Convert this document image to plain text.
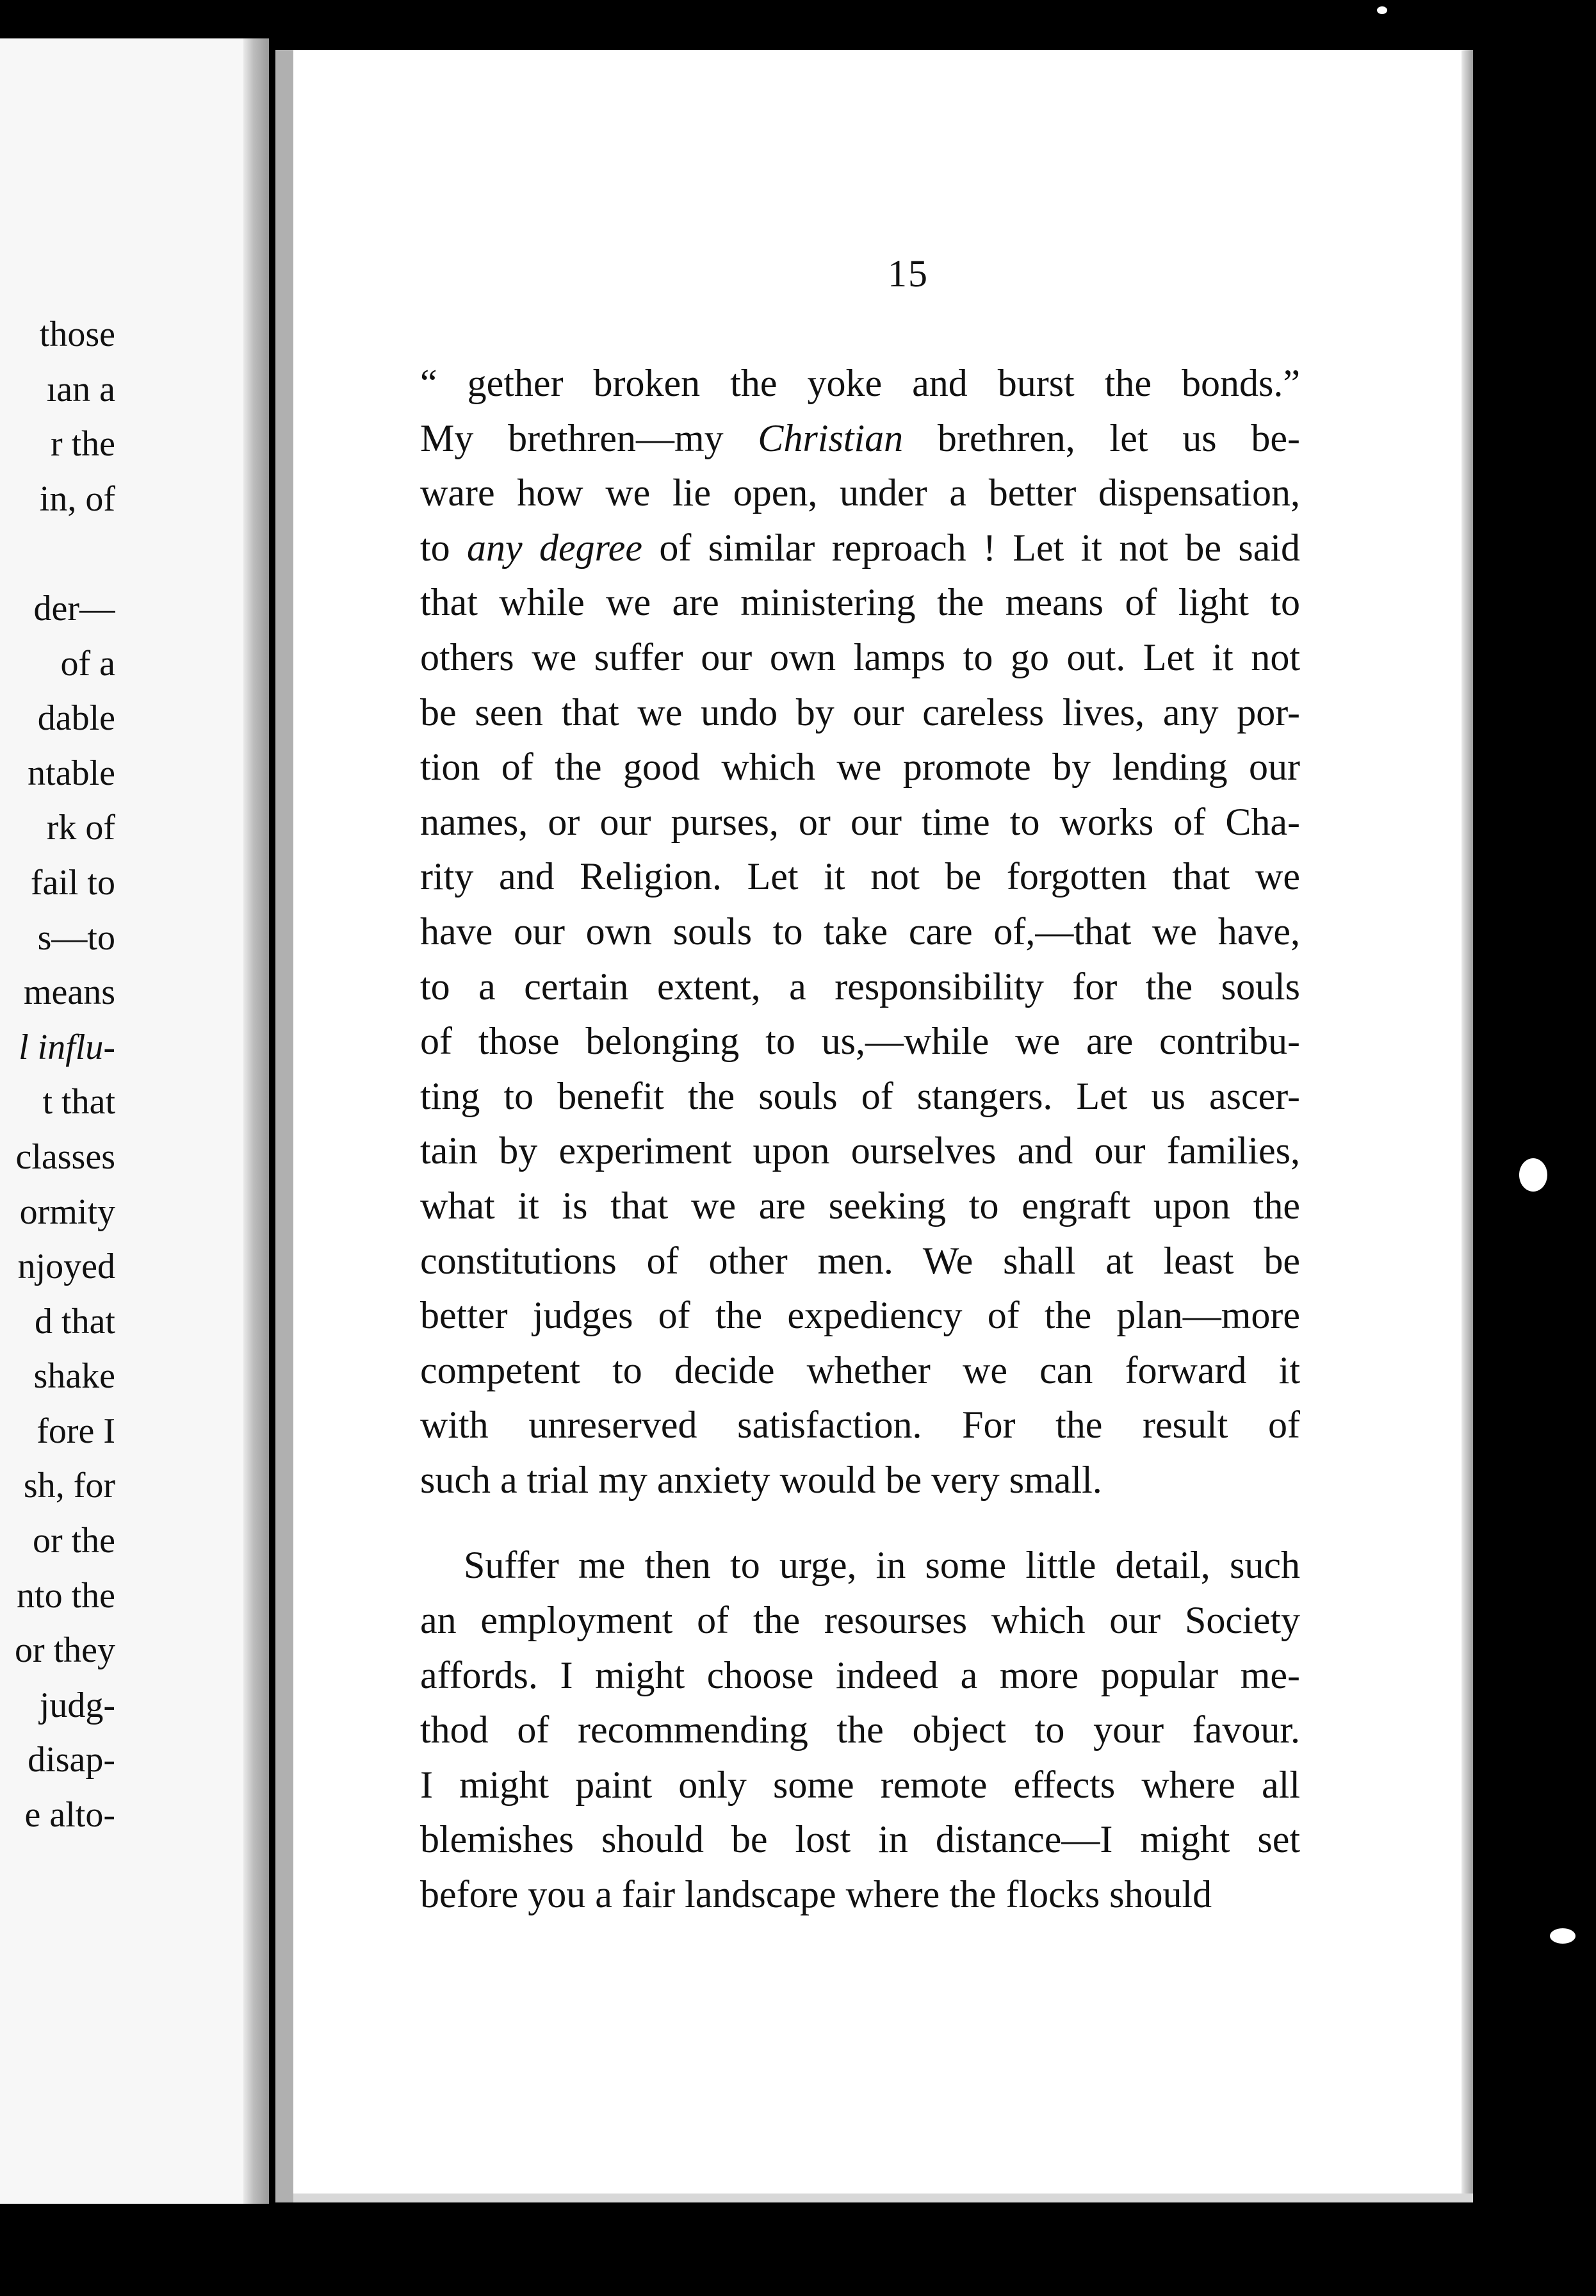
those
ıan a
r the
in, of
der—
of a
dable
ntable
rk of
fail to
s—to
means
l influ-
t that
classes
ormity
njoyed
d that
shake
fore I
sh, for
or the
nto the
or they
judg-
disap-
e alto-
15
“ gether broken the yoke and burst the bonds.”
My brethren—my Christian brethren, let us be-
ware how we lie open, under a better dispensation,
to any degree of similar reproach ! Let it not be said
that while we are ministering the means of light to
others we suffer our own lamps to go out. Let it not
be seen that we undo by our careless lives, any por-
tion of the good which we promote by lending our
names, or our purses, or our time to works of Cha-
rity and Religion. Let it not be forgotten that we
have our own souls to take care of,—that we have,
to a certain extent, a responsibility for the souls
of those belonging to us,—while we are contribu-
ting to benefit the souls of stangers. Let us ascer-
tain by experiment upon ourselves and our families,
what it is that we are seeking to engraft upon the
constitutions of other men. We shall at least be
better judges of the expediency of the plan—more
competent to decide whether we can forward it
with unreserved satisfaction. For the result of
such a trial my anxiety would be very small.
Suffer me then to urge, in some little detail, such
an employment of the resourses which our Society
affords. I might choose indeed a more popular me-
thod of recommending the object to your favour.
I might paint only some remote effects where all
blemishes should be lost in distance—I might set
before you a fair landscape where the flocks should
